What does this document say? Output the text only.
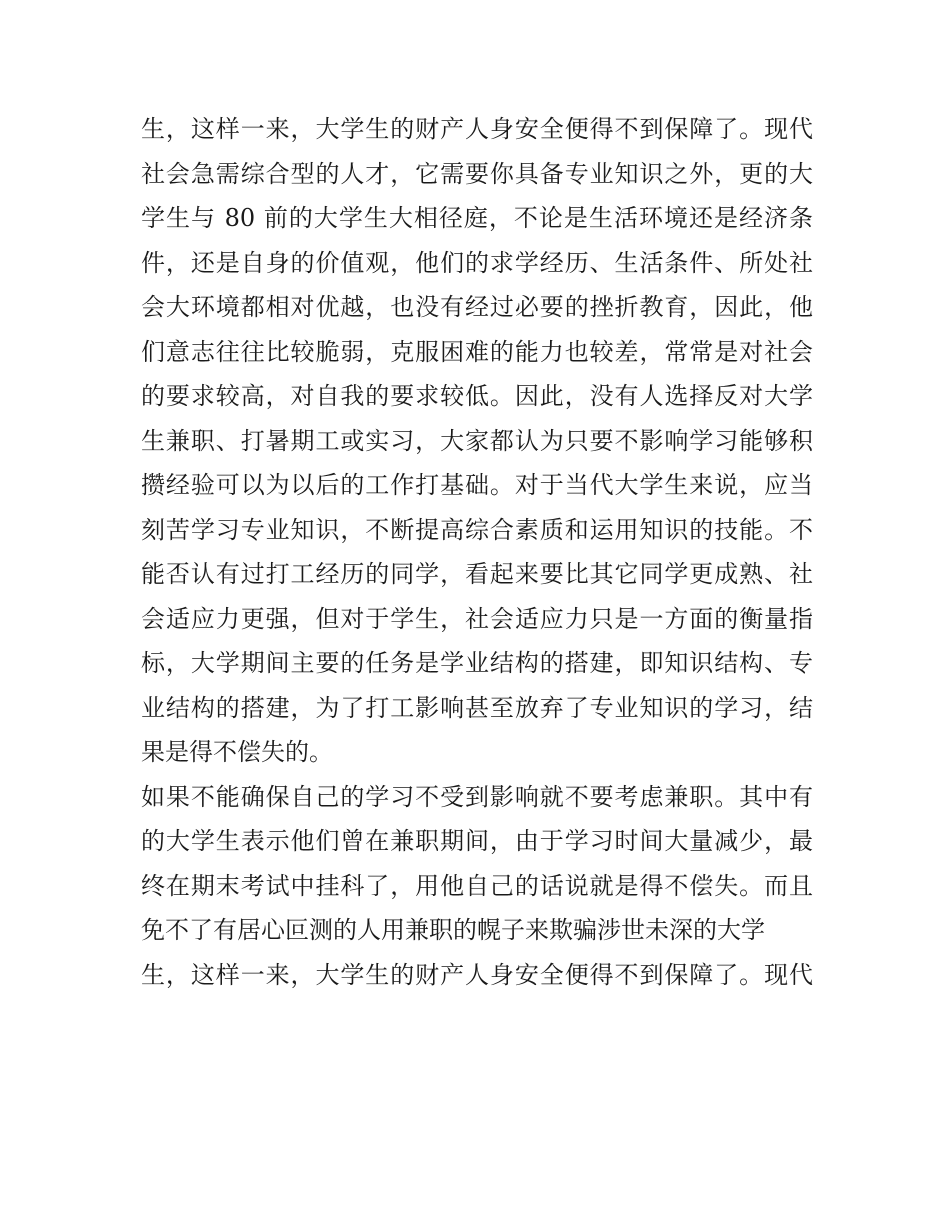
生，这样一来，大学生的财产人身安全便得不到保障了。现代
社会急需综合型的人才，它需要你具备专业知识之外，更的大
学生与 80 前的大学生大相径庭，不论是生活环境还是经济条
件，还是自身的价值观，他们的求学经历、生活条件、所处社
会大环境都相对优越，也没有经过必要的挫折教育，因此，他
们意志往往比较脆弱，克服困难的能力也较差，常常是对社会
的要求较高，对自我的要求较低。因此，没有人选择反对大学
生兼职、打暑期工或实习，大家都认为只要不影响学习能够积
攒经验可以为以后的工作打基础。对于当代大学生来说，应当
刻苦学习专业知识，不断提高综合素质和运用知识的技能。不
能否认有过打工经历的同学，看起来要比其它同学更成熟、社
会适应力更强，但对于学生，社会适应力只是一方面的衡量指
标，大学期间主要的任务是学业结构的搭建，即知识结构、专
业结构的搭建，为了打工影响甚至放弃了专业知识的学习，结
果是得不偿失的。
如果不能确保自己的学习不受到影响就不要考虑兼职。其中有
的大学生表示他们曾在兼职期间，由于学习时间大量减少，最
终在期末考试中挂科了，用他自己的话说就是得不偿失。而且
免不了有居心叵测的人用兼职的幌子来欺骗涉世未深的大学
生，这样一来，大学生的财产人身安全便得不到保障了。现代
